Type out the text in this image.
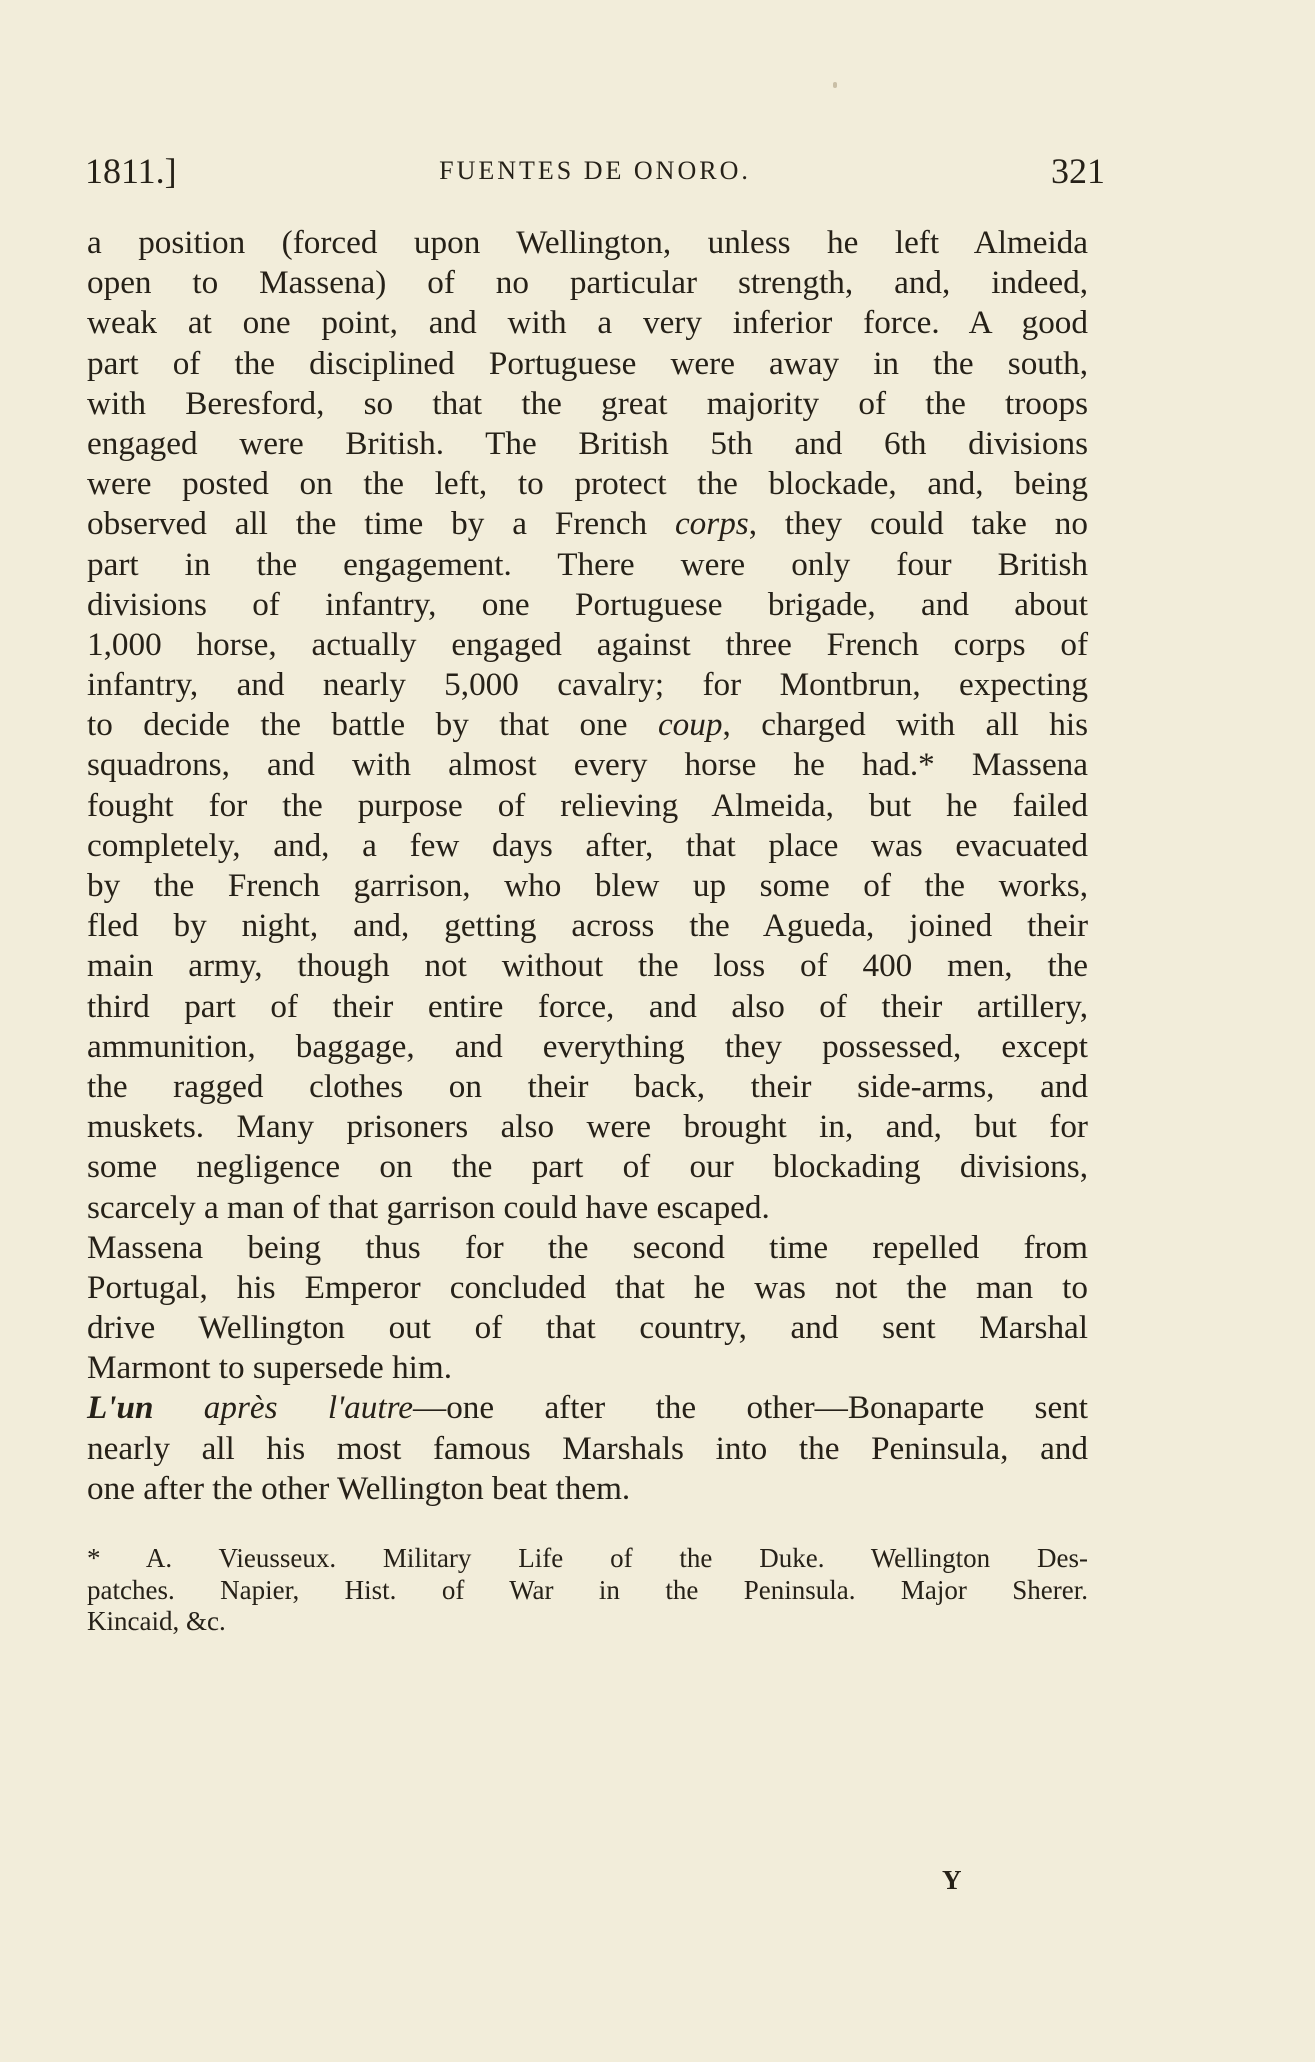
1811.]	FUENTES DE ONORO.	321
a position (forced upon Wellington, unless he left Almeida
open to Massena) of no particular strength, and, indeed,
weak at one point, and with a very inferior force. A good
part of the disciplined Portuguese were away in the south,
with Beresford, so that the great majority of the troops
engaged were British. The British 5th and 6th divisions
were posted on the left, to protect the blockade, and, being
observed all the time by a French corps, they could take no
part in the engagement. There were only four British
divisions of infantry, one Portuguese brigade, and about
1,000 horse, actually engaged against three French corps of
infantry, and nearly 5,000 cavalry; for Montbrun, expecting
to decide the battle by that one coup, charged with all his
squadrons, and with almost every horse he had.* Massena
fought for the purpose of relieving Almeida, but he failed
completely, and, a few days after, that place was evacuated
by the French garrison, who blew up some of the works,
fled by night, and, getting across the Agueda, joined their
main army, though not without the loss of 400 men, the
third part of their entire force, and also of their artillery,
ammunition, baggage, and everything they possessed, except
the ragged clothes on their back, their side-arms, and
muskets. Many prisoners also were brought in, and, but for
some negligence on the part of our blockading divisions,
scarcely a man of that garrison could have escaped.
Massena being thus for the second time repelled from
Portugal, his Emperor concluded that he was not the man to
drive Wellington out of that country, and sent Marshal
Marmont to supersede him.
L'un après l'autre—one after the other—Bonaparte sent
nearly all his most famous Marshals into the Peninsula, and
one after the other Wellington beat them.
* A. Vieusseux. Military Life of the Duke. Wellington Des-
patches. Napier, Hist. of War in the Peninsula. Major Sherer.
Kincaid, &c.
Y
